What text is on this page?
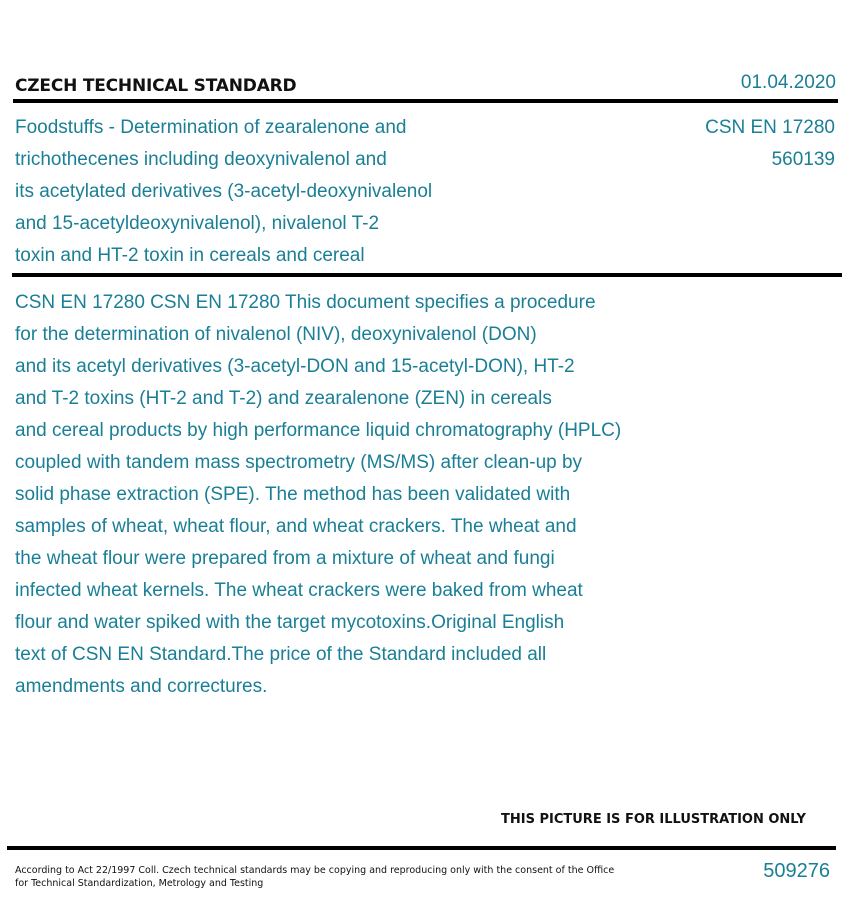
CZECH TECHNICAL STANDARD	01.04.2020
Foodstuffs - Determination of zearalenone and
trichothecenes including deoxynivalenol and
its acetylated derivatives (3-acetyl-deoxynivalenol
and 15-acetyldeoxynivalenol), nivalenol T-2
toxin and HT-2 toxin in cereals and cereal
CSN EN 17280
560139
CSN EN 17280 CSN EN 17280 This document specifies a procedure
for the determination of nivalenol (NIV), deoxynivalenol (DON)
and its acetyl derivatives (3-acetyl-DON and 15-acetyl-DON), HT-2
and T-2 toxins (HT-2 and T-2) and zearalenone (ZEN) in cereals
and cereal products by high performance liquid chromatography (HPLC)
coupled with tandem mass spectrometry (MS/MS) after clean-up by
solid phase extraction (SPE). The method has been validated with
samples of wheat, wheat flour, and wheat crackers. The wheat and
the wheat flour were prepared from a mixture of wheat and fungi
infected wheat kernels. The wheat crackers were baked from wheat
flour and water spiked with the target mycotoxins.Original English
text of CSN EN Standard.The price of the Standard included all
amendments and correctures.
THIS PICTURE IS FOR ILLUSTRATION ONLY
According to Act 22/1997 Coll. Czech technical standards may be copying and reproducing only with the consent of the Office
for Technical Standardization, Metrology and Testing
509276
